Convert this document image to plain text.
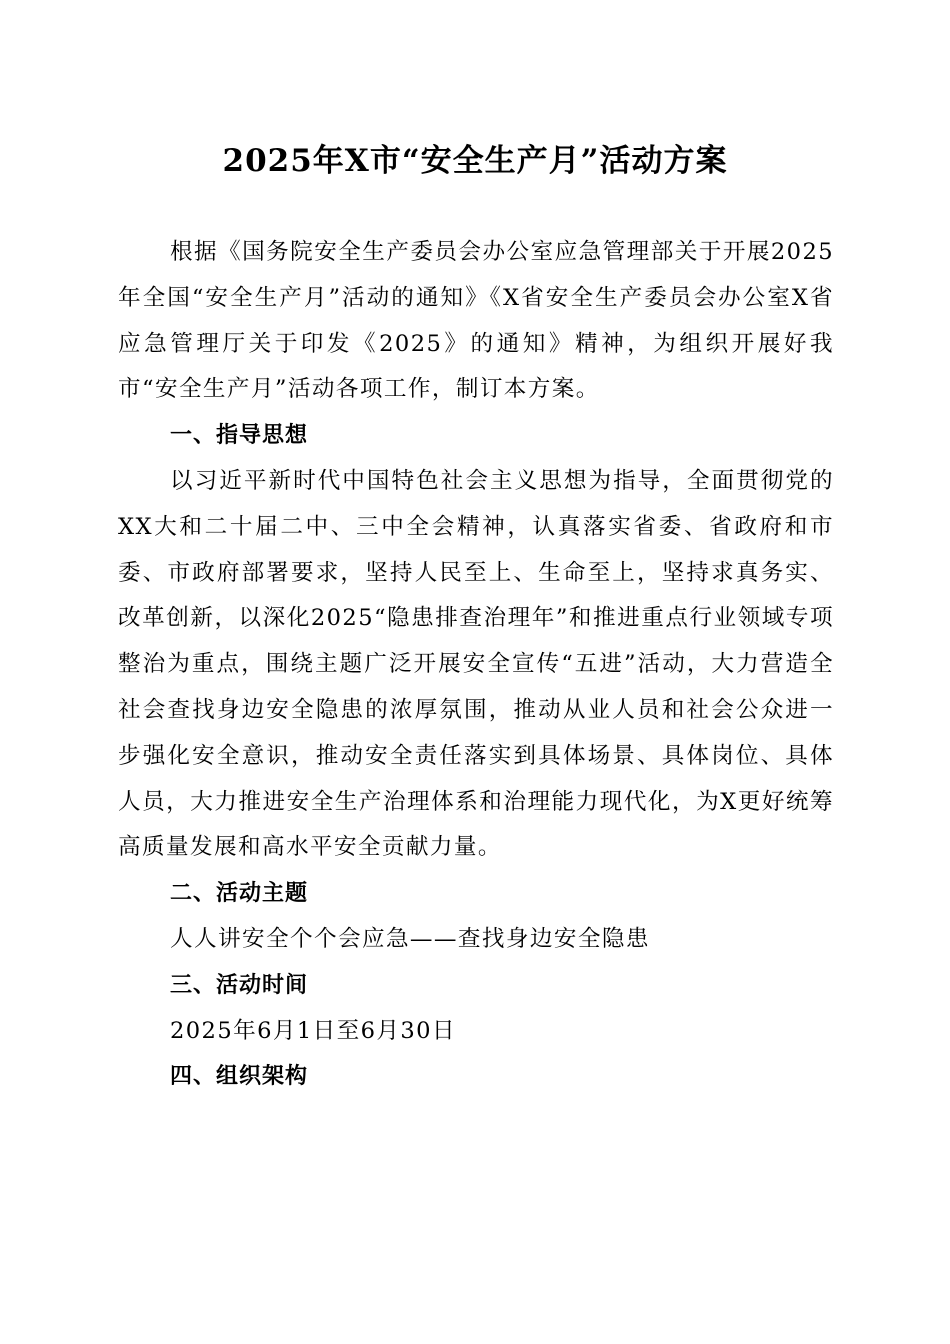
2025年X市“安全生产月”活动方案

根据《国务院安全生产委员会办公室应急管理部关于开展2025年全国“安全生产月”活动的通知》《X省安全生产委员会办公室X省应急管理厅关于印发《2025》的通知》精神，为组织开展好我市“安全生产月”活动各项工作，制订本方案。

一、指导思想

以习近平新时代中国特色社会主义思想为指导，全面贯彻党的XX大和二十届二中、三中全会精神，认真落实省委、省政府和市委、市政府部署要求，坚持人民至上、生命至上，坚持求真务实、改革创新，以深化2025“隐患排查治理年”和推进重点行业领域专项整治为重点，围绕主题广泛开展安全宣传“五进”活动，大力营造全社会查找身边安全隐患的浓厚氛围，推动从业人员和社会公众进一步强化安全意识，推动安全责任落实到具体场景、具体岗位、具体人员，大力推进安全生产治理体系和治理能力现代化，为X更好统筹高质量发展和高水平安全贡献力量。

二、活动主题

人人讲安全个个会应急——查找身边安全隐患

三、活动时间

2025年6月1日至6月30日

四、组织架构
